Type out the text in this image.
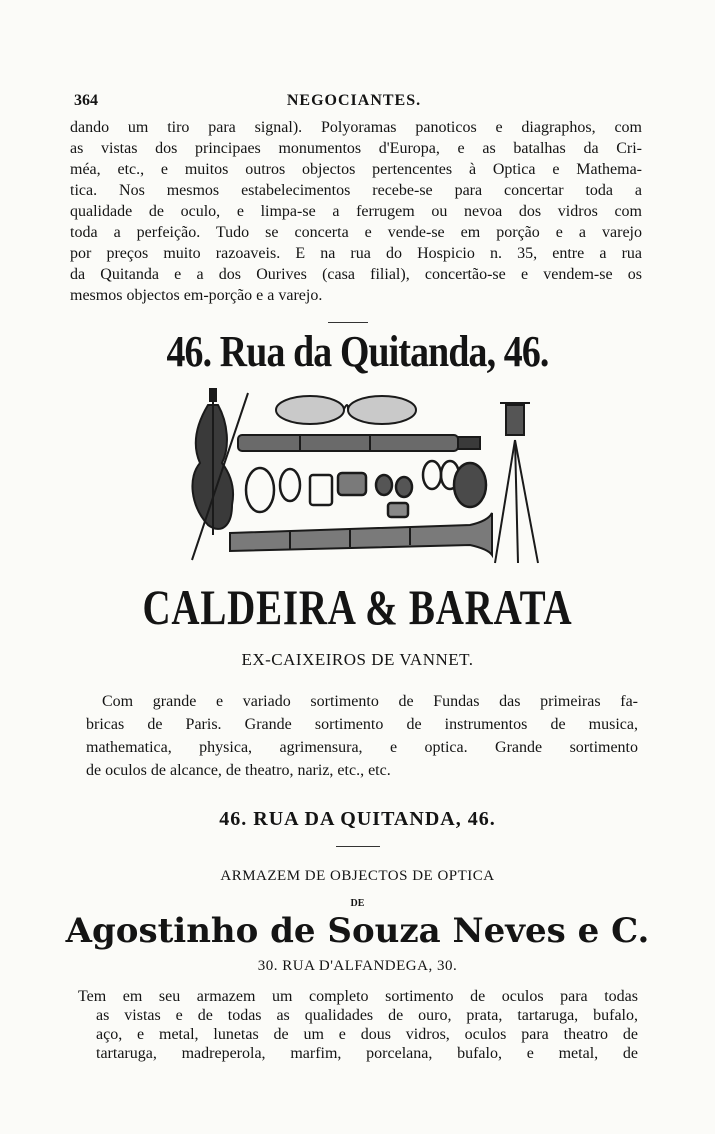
364	NEGOCIANTES.
dando um tiro para signal). Polyoramas panoticos e diagraphos, com
as vistas dos principaes monumentos d'Europa, e as batalhas da Cri-
méa, etc., e muitos outros objectos pertencentes à Optica e Mathema-
tica. Nos mesmos estabelecimentos recebe-se para concertar toda a
qualidade de oculo, e limpa-se a ferrugem ou nevoa dos vidros com
toda a perfeição. Tudo se concerta e vende-se em porção e a varejo
por preços muito razoaveis. E na rua do Hospicio n. 35, entre a rua
da Quitanda e a dos Ourives (casa filial), concertão-se e vendem-se os
mesmos objectos em-porção e a varejo.
46. Rua da Quitanda, 46.
CALDEIRA & BARATA
EX-CAIXEIROS DE VANNET.
Com grande e variado sortimento de Fundas das primeiras fa-
bricas de Paris. Grande sortimento de instrumentos de musica,
mathematica, physica, agrimensura, e optica. Grande sortimento
de oculos de alcance, de theatro, nariz, etc., etc.
46. RUA DA QUITANDA, 46.
ARMAZEM DE OBJECTOS DE OPTICA
DE
Agostinho de Souza Neves e C.
30. RUA D'ALFANDEGA, 30.
Tem em seu armazem um completo sortimento de oculos para todas
as vistas e de todas as qualidades de ouro, prata, tartaruga, bufalo,
aço, e metal, lunetas de um e dous vidros, oculos para theatro de
tartaruga, madreperola, marfim, porcelana, bufalo, e metal, de
